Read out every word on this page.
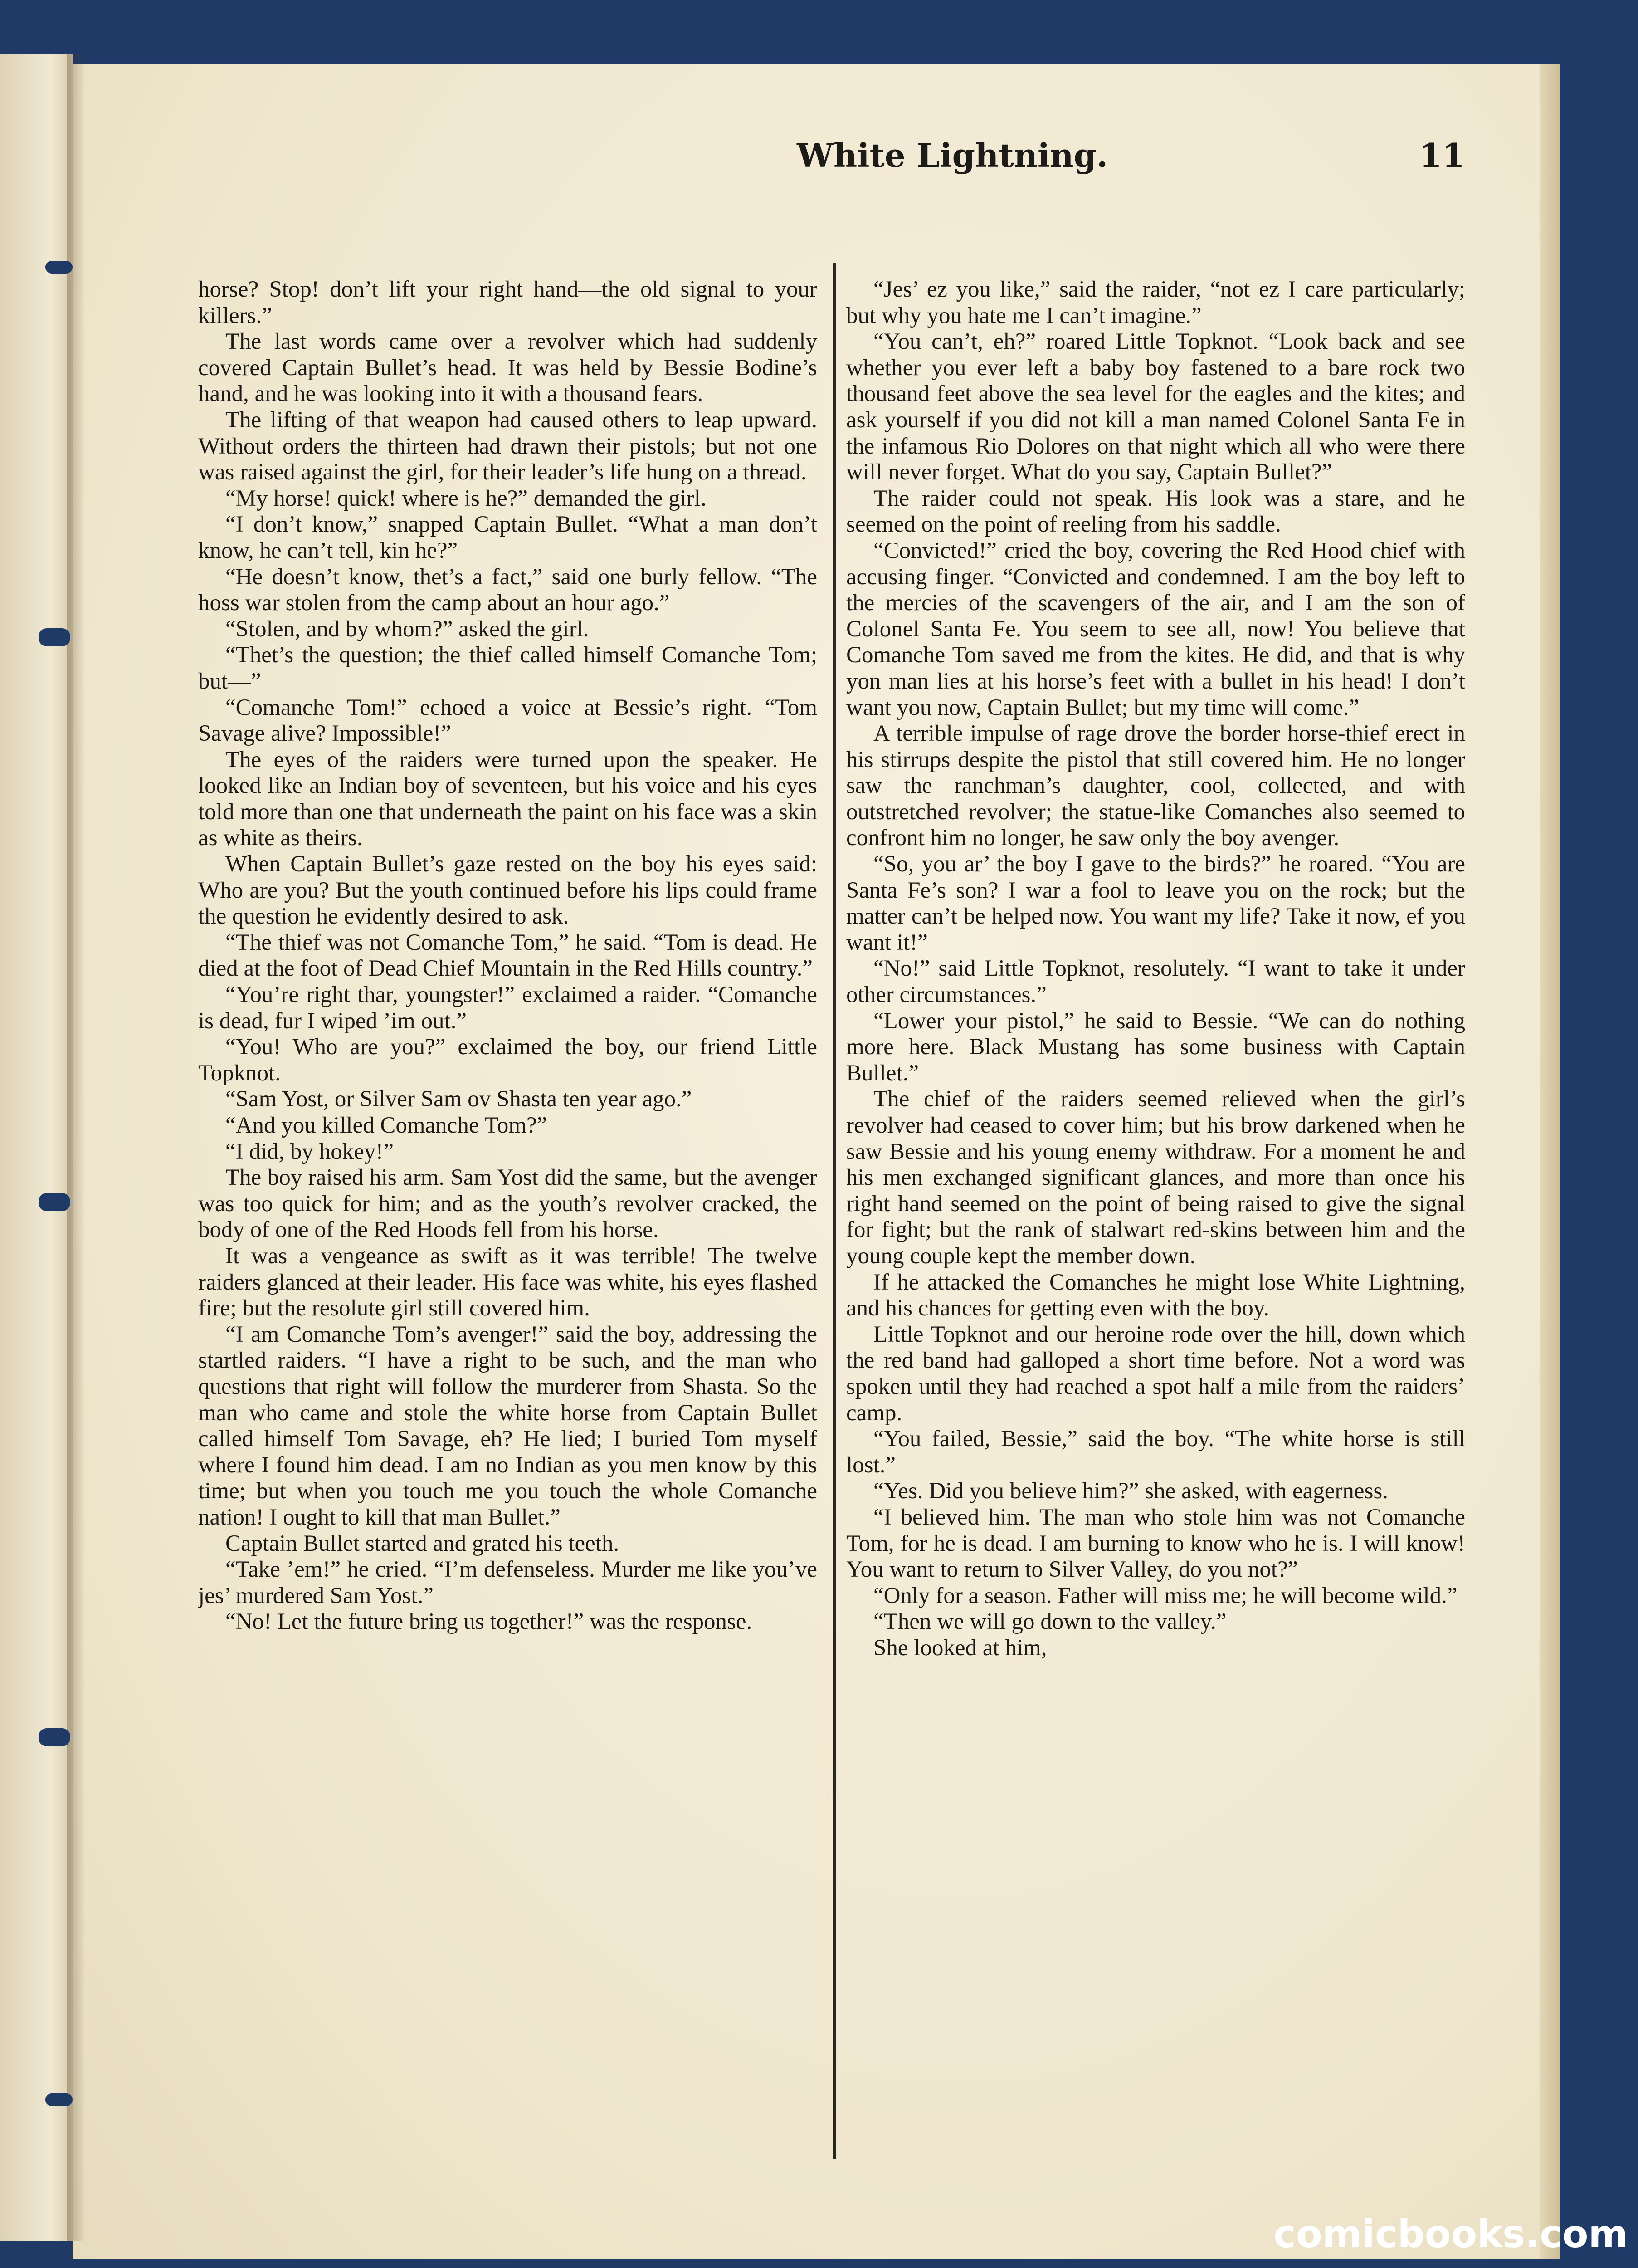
White Lightning.	11

horse? Stop! don’t lift your right hand—the old signal to your killers.”

The last words came over a revolver which had suddenly covered Captain Bullet’s head. It was held by Bessie Bodine’s hand, and he was looking into it with a thousand fears.

The lifting of that weapon had caused others to leap upward. Without orders the thirteen had drawn their pistols; but not one was raised against the girl, for their leader’s life hung on a thread.

“My horse! quick! where is he?” demanded the girl.

“I don’t know,” snapped Captain Bullet. “What a man don’t know, he can’t tell, kin he?”

“He doesn’t know, thet’s a fact,” said one burly fellow. “The hoss war stolen from the camp about an hour ago.”

“Stolen, and by whom?” asked the girl.

“Thet’s the question; the thief called himself Comanche Tom; but—”

“Comanche Tom!” echoed a voice at Bessie’s right. “Tom Savage alive? Impossible!”

The eyes of the raiders were turned upon the speaker. He looked like an Indian boy of seventeen, but his voice and his eyes told more than one that underneath the paint on his face was a skin as white as theirs.

When Captain Bullet’s gaze rested on the boy his eyes said: Who are you? But the youth continued before his lips could frame the question he evidently desired to ask.

“The thief was not Comanche Tom,” he said. “Tom is dead. He died at the foot of Dead Chief Mountain in the Red Hills country.”

“You’re right thar, youngster!” exclaimed a raider. “Comanche is dead, fur I wiped ’im out.”

“You! Who are you?” exclaimed the boy, our friend Little Topknot.

“Sam Yost, or Silver Sam ov Shasta ten year ago.”

“And you killed Comanche Tom?”

“I did, by hokey!”

The boy raised his arm. Sam Yost did the same, but the avenger was too quick for him; and as the youth’s revolver cracked, the body of one of the Red Hoods fell from his horse.

It was a vengeance as swift as it was terrible! The twelve raiders glanced at their leader. His face was white, his eyes flashed fire; but the resolute girl still covered him.

“I am Comanche Tom’s avenger!” said the boy, addressing the startled raiders. “I have a right to be such, and the man who questions that right will follow the murderer from Shasta. So the man who came and stole the white horse from Captain Bullet called himself Tom Savage, eh? He lied; I buried Tom myself where I found him dead. I am no Indian as you men know by this time; but when you touch me you touch the whole Comanche nation! I ought to kill that man Bullet.”

Captain Bullet started and grated his teeth.

“Take ’em!” he cried. “I’m defenseless. Murder me like you’ve jes’ murdered Sam Yost.”

“No! Let the future bring us together!” was the response.

“Jes’ ez you like,” said the raider, “not ez I care particularly; but why you hate me I can’t imagine.”

“You can’t, eh?” roared Little Topknot. “Look back and see whether you ever left a baby boy fastened to a bare rock two thousand feet above the sea level for the eagles and the kites; and ask yourself if you did not kill a man named Colonel Santa Fe in the infamous Rio Dolores on that night which all who were there will never forget. What do you say, Captain Bullet?”

The raider could not speak. His look was a stare, and he seemed on the point of reeling from his saddle.

“Convicted!” cried the boy, covering the Red Hood chief with accusing finger. “Convicted and condemned. I am the boy left to the mercies of the scavengers of the air, and I am the son of Colonel Santa Fe. You seem to see all, now! You believe that Comanche Tom saved me from the kites. He did, and that is why yon man lies at his horse’s feet with a bullet in his head! I don’t want you now, Captain Bullet; but my time will come.”

A terrible impulse of rage drove the border horse-thief erect in his stirrups despite the pistol that still covered him. He no longer saw the ranchman’s daughter, cool, collected, and with outstretched revolver; the statue-like Comanches also seemed to confront him no longer, he saw only the boy avenger.

“So, you ar’ the boy I gave to the birds?” he roared. “You are Santa Fe’s son? I war a fool to leave you on the rock; but the matter can’t be helped now. You want my life? Take it now, ef you want it!”

“No!” said Little Topknot, resolutely. “I want to take it under other circumstances.”

“Lower your pistol,” he said to Bessie. “We can do nothing more here. Black Mustang has some business with Captain Bullet.”

The chief of the raiders seemed relieved when the girl’s revolver had ceased to cover him; but his brow darkened when he saw Bessie and his young enemy withdraw. For a moment he and his men exchanged significant glances, and more than once his right hand seemed on the point of being raised to give the signal for fight; but the rank of stalwart red-skins between him and the young couple kept the member down.

If he attacked the Comanches he might lose White Lightning, and his chances for getting even with the boy.

Little Topknot and our heroine rode over the hill, down which the red band had galloped a short time before. Not a word was spoken until they had reached a spot half a mile from the raiders’ camp.

“You failed, Bessie,” said the boy. “The white horse is still lost.”

“Yes. Did you believe him?” she asked, with eagerness.

“I believed him. The man who stole him was not Comanche Tom, for he is dead. I am burning to know who he is. I will know! You want to return to Silver Valley, do you not?”

“Only for a season. Father will miss me; he will become wild.”

“Then we will go down to the valley.”

She looked at him,

comicbooks.com
